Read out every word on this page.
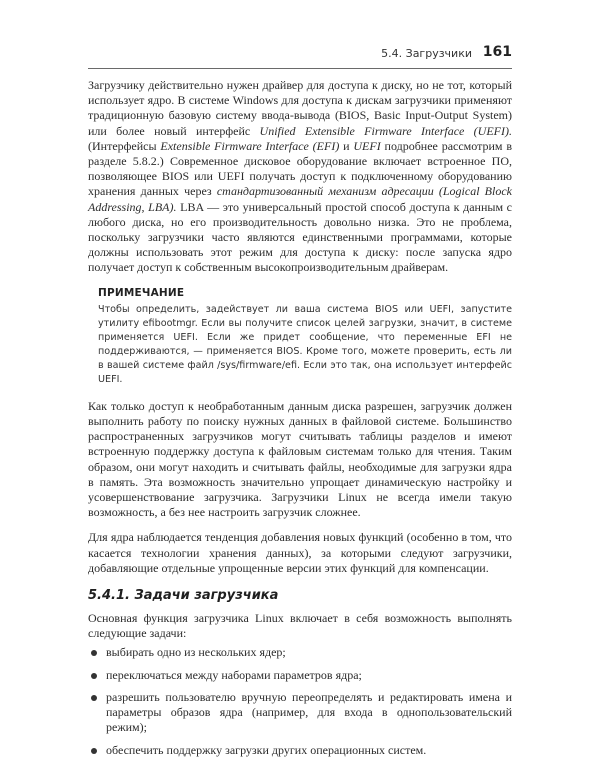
5.4. Загрузчики 161

Загрузчику действительно нужен драйвер для доступа к диску, но не тот, который использует ядро. В системе Windows для доступа к дискам загрузчики применяют традиционную базовую систему ввода-вывода (BIOS, Basic Input-Output System) или более новый интерфейс Unified Extensible Firmware Interface (UEFI). (Интерфейсы Extensible Firmware Interface (EFI) и UEFI подробнее рассмотрим в разделе 5.8.2.) Современное дисковое оборудование включает встроенное ПО, позволяющее BIOS или UEFI получать доступ к подключенному оборудованию хранения данных через стандартизованный механизм адресации (Logical Block Addressing, LBA). LBA — это универсальный простой способ доступа к данным с любого диска, но его производительность довольно низка. Это не проблема, поскольку загрузчики часто являются единственными программами, которые должны использовать этот режим для доступа к диску: после запуска ядро получает доступ к собственным высокопроизводительным драйверам.

ПРИМЕЧАНИЕ

Чтобы определить, задействует ли ваша система BIOS или UEFI, запустите утилиту efibootmgr. Если вы получите список целей загрузки, значит, в системе применяется UEFI. Если же придет сообщение, что переменные EFI не поддерживаются, — применяется BIOS. Кроме того, можете проверить, есть ли в вашей системе файл /sys/firmware/efi. Если это так, она использует интерфейс UEFI.

Как только доступ к необработанным данным диска разрешен, загрузчик должен выполнить работу по поиску нужных данных в файловой системе. Большинство распространенных загрузчиков могут считывать таблицы разделов и имеют встроенную поддержку доступа к файловым системам только для чтения. Таким образом, они могут находить и считывать файлы, необходимые для загрузки ядра в память. Эта возможность значительно упрощает динамическую настройку и усовершенствование загрузчика. Загрузчики Linux не всегда имели такую возможность, а без нее настроить загрузчик сложнее.

Для ядра наблюдается тенденция добавления новых функций (особенно в том, что касается технологии хранения данных), за которыми следуют загрузчики, добавляющие отдельные упрощенные версии этих функций для компенсации.

5.4.1. Задачи загрузчика

Основная функция загрузчика Linux включает в себя возможность выполнять следующие задачи:

выбирать одно из нескольких ядер;
переключаться между наборами параметров ядра;
разрешить пользователю вручную переопределять и редактировать имена и параметры образов ядра (например, для входа в однопользовательский режим);
обеспечить поддержку загрузки других операционных систем.
